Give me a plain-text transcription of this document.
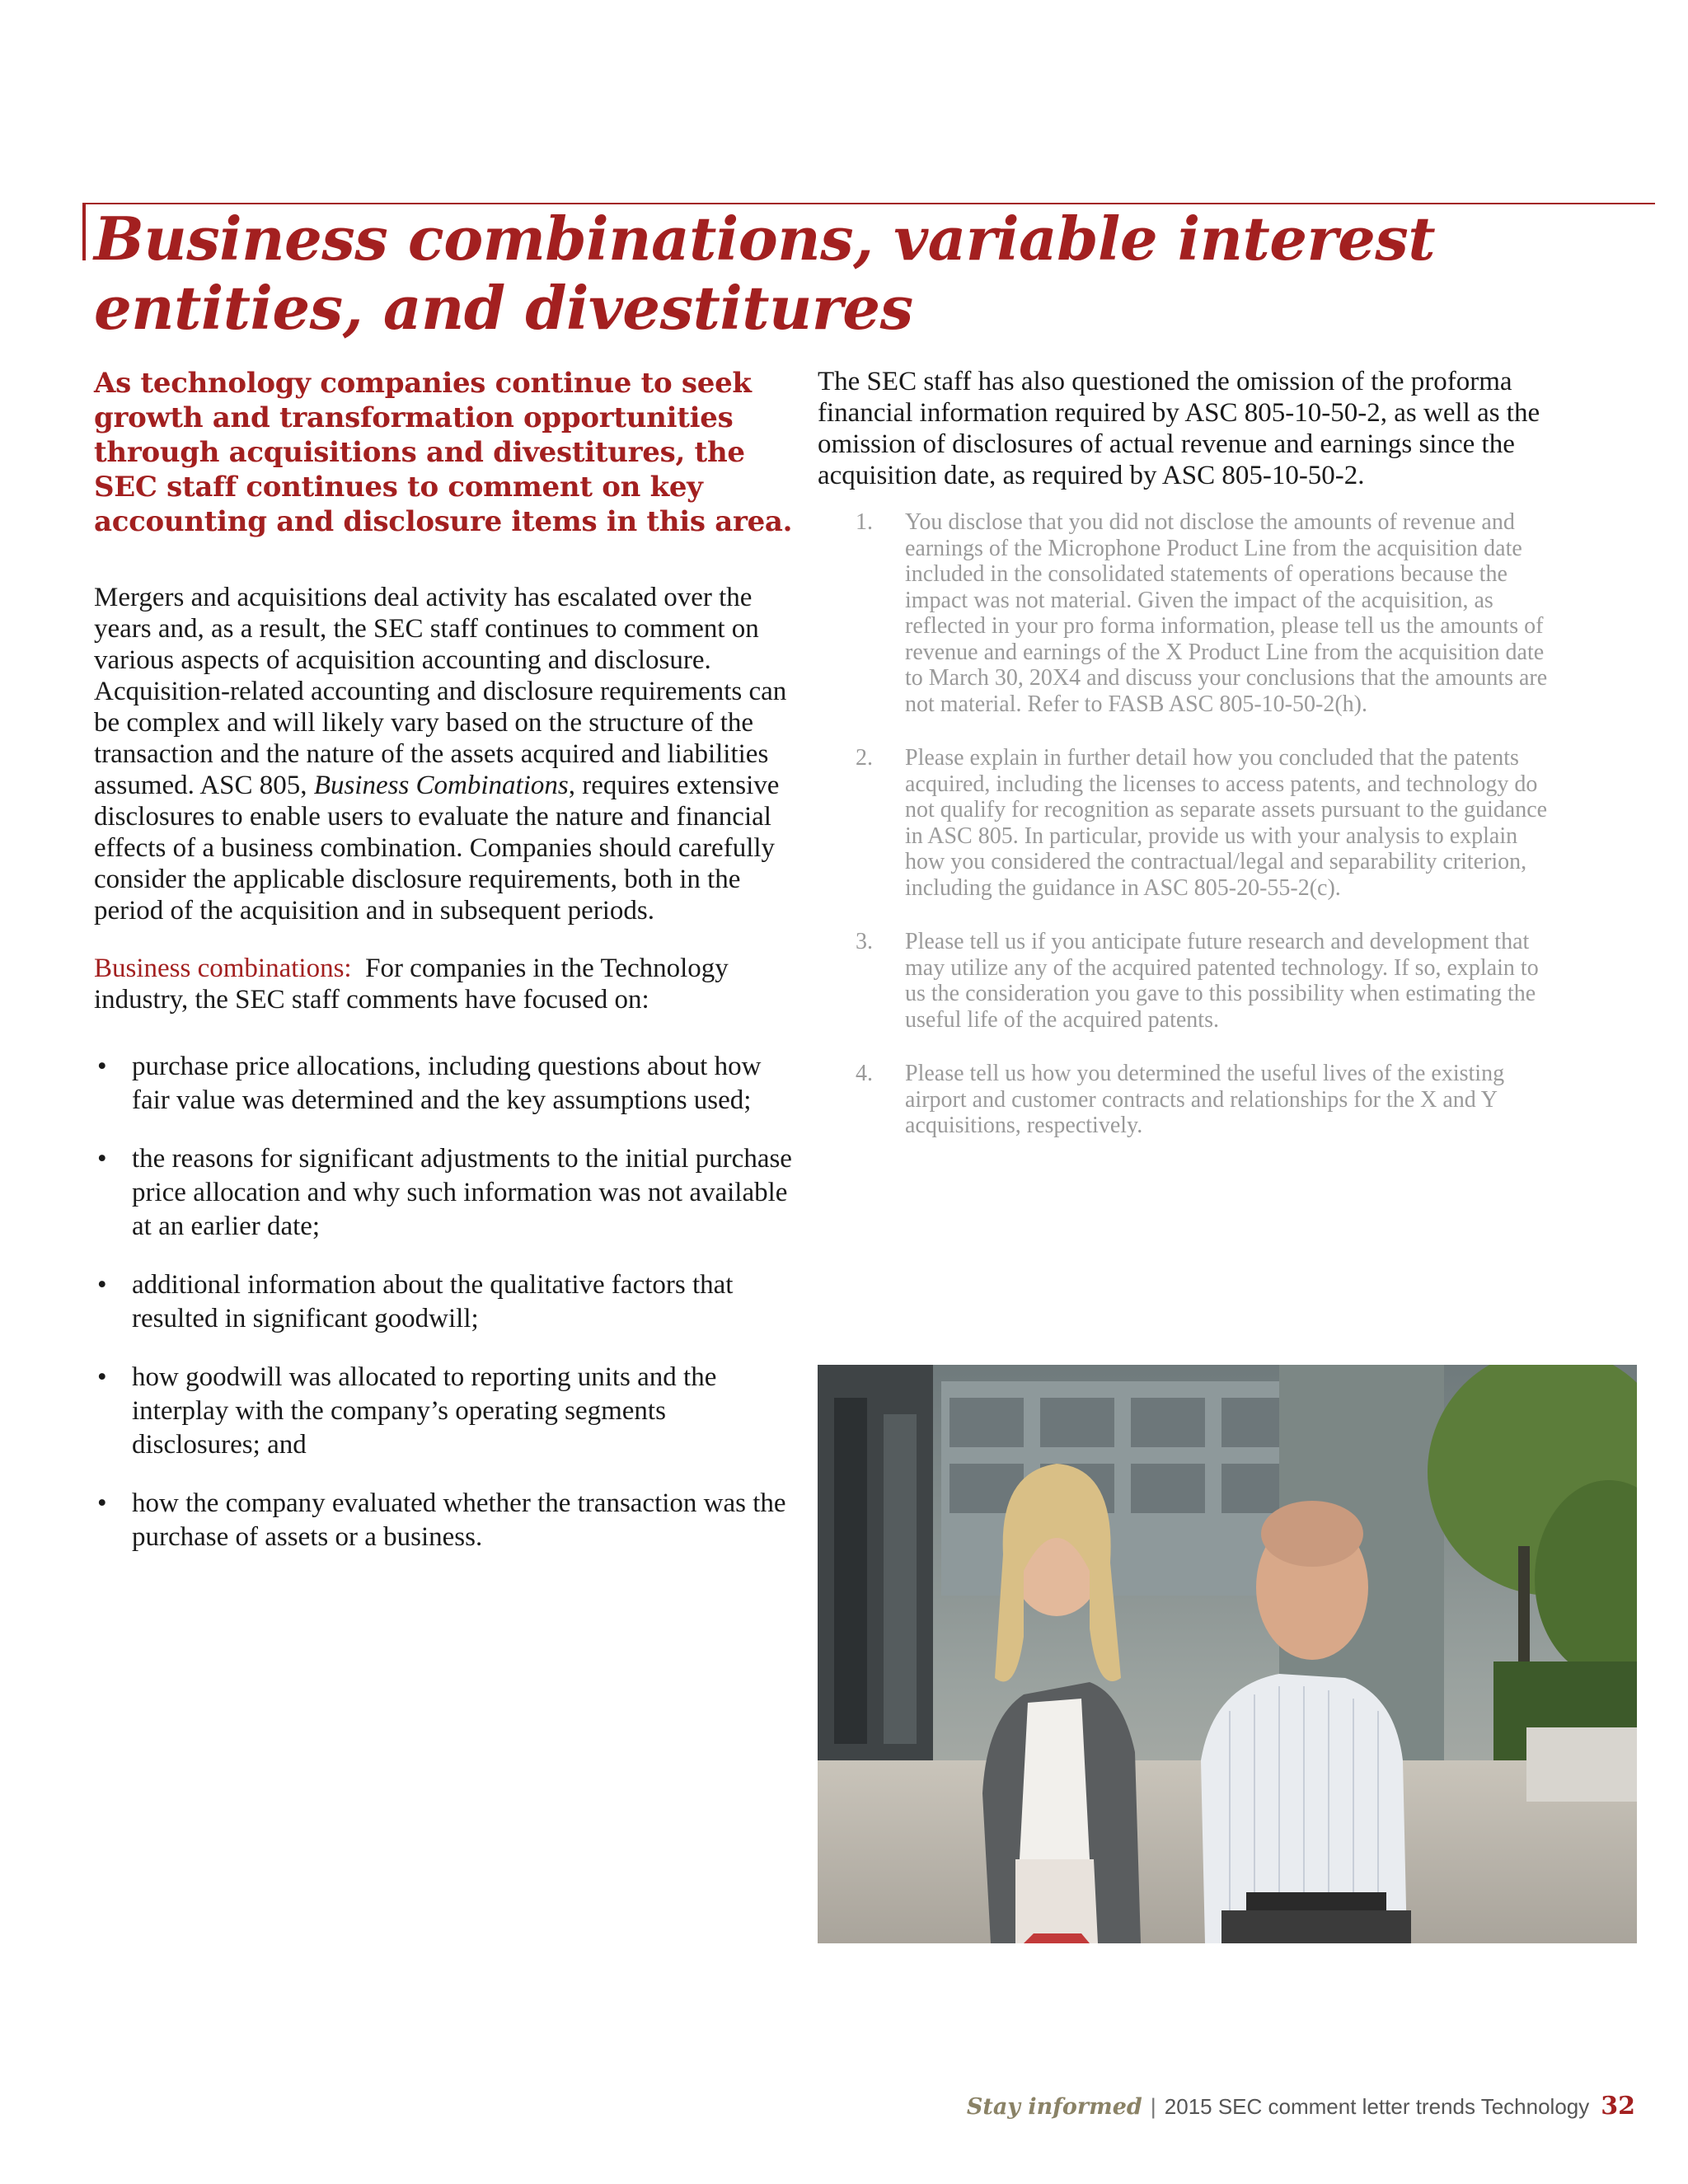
Business combinations, variable interest
entities, and divestitures

As technology companies continue to seek growth and transformation opportunities through acquisitions and divestitures, the SEC staff continues to comment on key accounting and disclosure items in this area.

Mergers and acquisitions deal activity has escalated over the years and, as a result, the SEC staff continues to comment on various aspects of acquisition accounting and disclosure. Acquisition-related accounting and disclosure requirements can be complex and will likely vary based on the structure of the transaction and the nature of the assets acquired and liabilities assumed. ASC 805, Business Combinations, requires extensive disclosures to enable users to evaluate the nature and financial effects of a business combination. Companies should carefully consider the applicable disclosure requirements, both in the period of the acquisition and in subsequent periods.

Business combinations: For companies in the Technology industry, the SEC staff comments have focused on:

• purchase price allocations, including questions about how fair value was determined and the key assumptions used;
• the reasons for significant adjustments to the initial purchase price allocation and why such information was not available at an earlier date;
• additional information about the qualitative factors that resulted in significant goodwill;
• how goodwill was allocated to reporting units and the interplay with the company’s operating segments disclosures; and
• how the company evaluated whether the transaction was the purchase of assets or a business.

The SEC staff has also questioned the omission of the proforma financial information required by ASC 805-10-50-2, as well as the omission of disclosures of actual revenue and earnings since the acquisition date, as required by ASC 805-10-50-2.

1. You disclose that you did not disclose the amounts of revenue and earnings of the Microphone Product Line from the acquisition date included in the consolidated statements of operations because the impact was not material. Given the impact of the acquisition, as reflected in your pro forma information, please tell us the amounts of revenue and earnings of the X Product Line from the acquisition date to March 30, 20X4 and discuss your conclusions that the amounts are not material. Refer to FASB ASC 805-10-50-2(h).
2. Please explain in further detail how you concluded that the patents acquired, including the licenses to access patents, and technology do not qualify for recognition as separate assets pursuant to the guidance in ASC 805. In particular, provide us with your analysis to explain how you considered the contractual/legal and separability criterion, including the guidance in ASC 805-20-55-2(c).
3. Please tell us if you anticipate future research and development that may utilize any of the acquired patented technology. If so, explain to us the consideration you gave to this possibility when estimating the useful life of the acquired patents.
4. Please tell us how you determined the useful lives of the existing airport and customer contracts and relationships for the X and Y acquisitions, respectively.
Stay informed | 2015 SEC comment letter trends Technology 32
